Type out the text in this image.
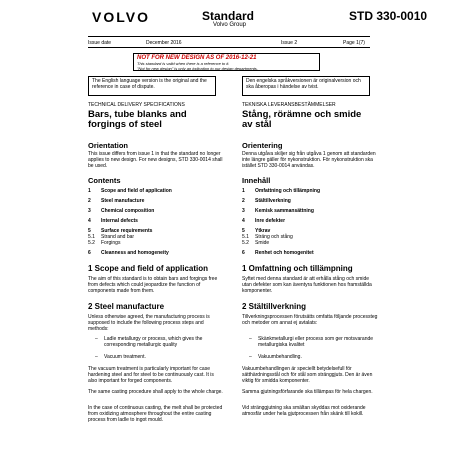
VOLVO	Standard
Volvo Group
STD 330-0010
Issue date	December 2016	Issue 2	Page 1(7)
NOT FOR NEW DESIGN AS OF 2016-12-21
This standard is valid when there is a reference to it.
"Not for new design" is only an indication to our design departments.
The English language version is the original and the reference in case of dispute.
Den engelska språkversionen är originalversion och ska åberopas i händelse av tvist.
TECHNICAL DELIVERY SPECIFICATIONS
Bars, tube blanks and
forgings of steel
Orientation
This issue differs from issue 1 in that the standard no longer applies to new design. For new designs, STD 330-0014 shall be used.
Contents
1 Scope and field of application
2 Steel manufacture
3 Chemical composition
4 Internal defects
5 Surface requirements
5.1 Strand and bar
5.2 Forgings
6 Cleanness and homogeneity
1 Scope and field of application
The aim of this standard is to obtain bars and forgings free from defects which could jeopardize the function of components made from them.
2 Steel manufacture
Unless otherwise agreed, the manufacturing process is supposed to include the following process steps and methods:
– Ladle metallurgy or process, which gives the corresponding metallurgic quality
– Vacuum treatment.
The vacuum treatment is particularly important for case hardening steel and for steel to be continuously cast. It is also important for forged components.
The same casting procedure shall apply to the whole charge.
In the case of continuous casting, the melt shall be protected from oxidizing atmosphere throughout the entire casting process from ladle to ingot mould.
TEKNISKA LEVERANSBESTÄMMELSER
Stång, rörämne och smide
av stål
Orientering
Denna utgåva skiljer sig från utgåva 1 genom att standarden inte längre gäller för nykonstruktion. För nykonstruktion ska istället STD 330-0014 användas.
Innehåll
1 Omfattning och tillämpning
2 Stältillverkning
3 Kemisk sammansättning
4 Inre defekter
5 Ytkrav
5.1 Sträng och stång
5.2 Smide
6 Renhet och homogenitet
1 Omfattning och tillämpning
Syftet med denna standard är att erhålla stång och smide utan defekter som kan äventyra funktionen hos framställda komponenter.
2 Stältillverkning
Tillverkningsprocessen förutsätts omfatta följande processteg och metoder om annat ej avtalats:
– Skänkmetallurgi eller process som ger motsvarande metallurgiska kvalitet
– Vakuumbehandling.
Vakuumbehandlingen är speciellt betydelsefull för sätthärdningsstål och för stål som stränggjuts. Den är även viktig för smidda komponenter.
Samma gjutningsförfarande ska tillämpas för hela chargen.
Vid stränggjutning ska smältan skyddas mot oxiderande atmosfär under hela gjutprocessen från skänk till kokill.
